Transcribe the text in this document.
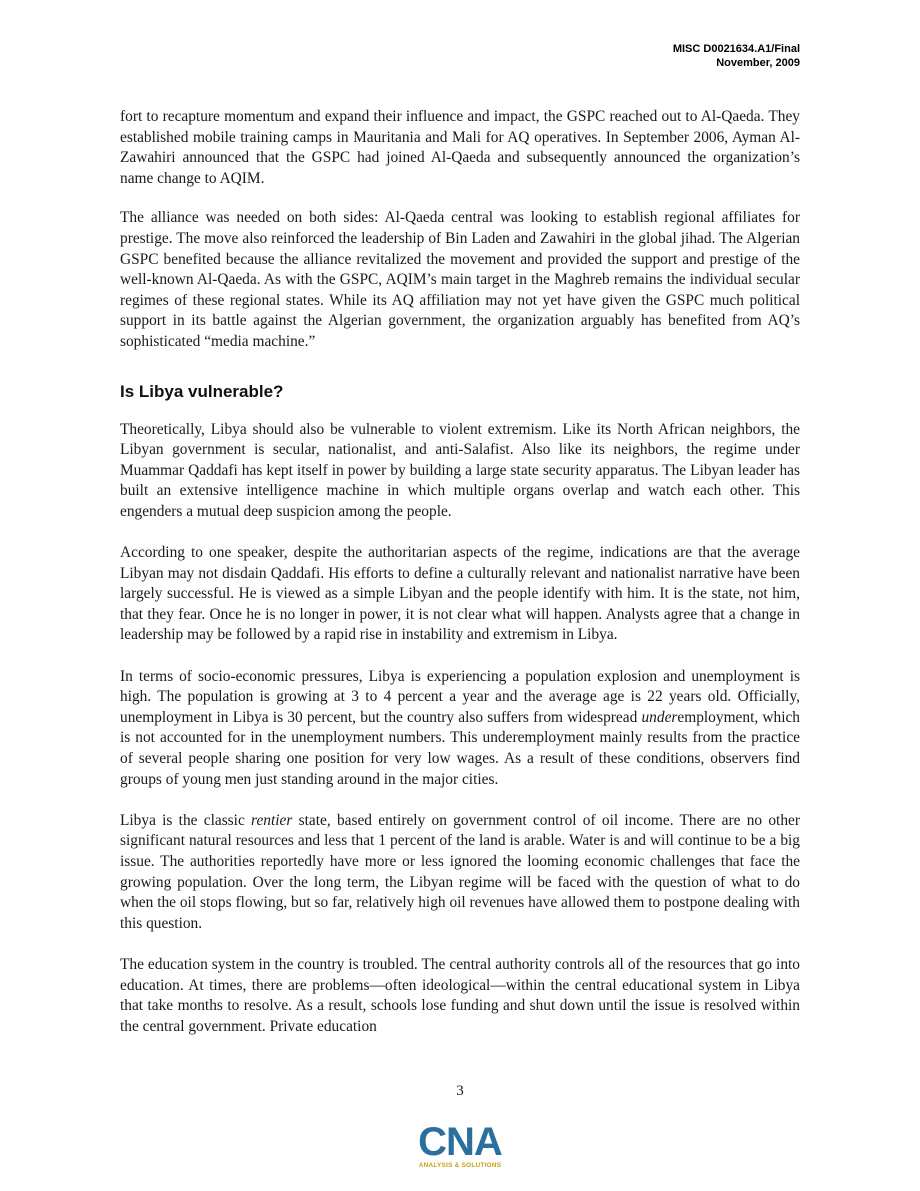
MISC D0021634.A1/Final
November, 2009

fort to recapture momentum and expand their influence and impact, the GSPC reached out to Al-Qaeda. They established mobile training camps in Mauritania and Mali for AQ operatives. In September 2006, Ayman Al-Zawahiri announced that the GSPC had joined Al-Qaeda and subsequently announced the organization’s name change to AQIM.

The alliance was needed on both sides: Al-Qaeda central was looking to establish regional affiliates for prestige. The move also reinforced the leadership of Bin Laden and Zawahiri in the global jihad. The Algerian GSPC benefited because the alliance revitalized the movement and provided the support and prestige of the well-known Al-Qaeda. As with the GSPC, AQIM’s main target in the Maghreb remains the individual secular regimes of these regional states. While its AQ affiliation may not yet have given the GSPC much political support in its battle against the Algerian government, the organization arguably has benefited from AQ’s sophisticated “media machine.”

Is Libya vulnerable?

Theoretically, Libya should also be vulnerable to violent extremism. Like its North African neighbors, the Libyan government is secular, nationalist, and anti-Salafist. Also like its neighbors, the regime under Muammar Qaddafi has kept itself in power by building a large state security apparatus. The Libyan leader has built an extensive intelligence machine in which multiple organs overlap and watch each other. This engenders a mutual deep suspicion among the people.

According to one speaker, despite the authoritarian aspects of the regime, indications are that the average Libyan may not disdain Qaddafi. His efforts to define a culturally relevant and nationalist narrative have been largely successful. He is viewed as a simple Libyan and the people identify with him. It is the state, not him, that they fear. Once he is no longer in power, it is not clear what will happen. Analysts agree that a change in leadership may be followed by a rapid rise in instability and extremism in Libya.

In terms of socio-economic pressures, Libya is experiencing a population explosion and unemployment is high. The population is growing at 3 to 4 percent a year and the average age is 22 years old. Officially, unemployment in Libya is 30 percent, but the country also suffers from widespread underemployment, which is not accounted for in the unemployment numbers. This underemployment mainly results from the practice of several people sharing one position for very low wages. As a result of these conditions, observers find groups of young men just standing around in the major cities.

Libya is the classic rentier state, based entirely on government control of oil income. There are no other significant natural resources and less that 1 percent of the land is arable. Water is and will continue to be a big issue. The authorities reportedly have more or less ignored the looming economic challenges that face the growing population. Over the long term, the Libyan regime will be faced with the question of what to do when the oil stops flowing, but so far, relatively high oil revenues have allowed them to postpone dealing with this question.

The education system in the country is troubled. The central authority controls all of the resources that go into education. At times, there are problems—often ideological—within the central educational system in Libya that take months to resolve. As a result, schools lose funding and shut down until the issue is resolved within the central government. Private education

3
CNA
ANALYSIS & SOLUTIONS
